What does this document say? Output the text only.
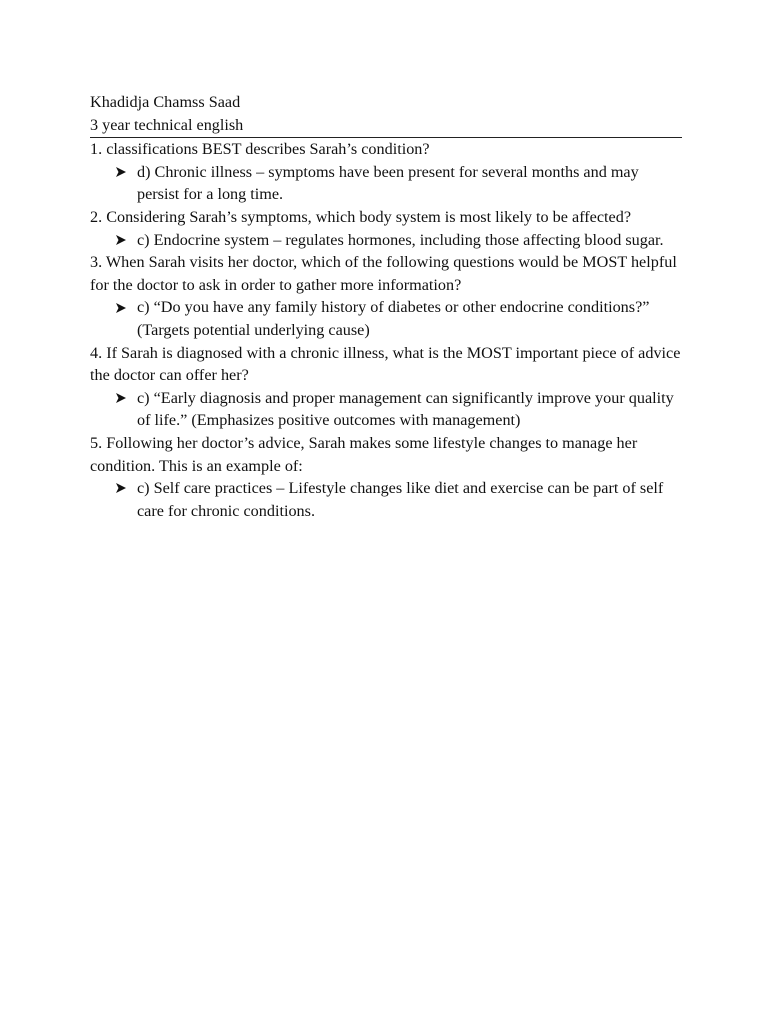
Khadidja Chamss Saad
3 year technical english
1. classifications BEST describes Sarah’s condition?
d) Chronic illness – symptoms have been present for several months and may persist for a long time.
2. Considering Sarah’s symptoms, which body system is most likely to be affected?
c) Endocrine system – regulates hormones, including those affecting blood sugar.
3. When Sarah visits her doctor, which of the following questions would be MOST helpful for the doctor to ask in order to gather more information?
c) “Do you have any family history of diabetes or other endocrine conditions?” (Targets potential underlying cause)
4. If Sarah is diagnosed with a chronic illness, what is the MOST important piece of advice the doctor can offer her?
c) “Early diagnosis and proper management can significantly improve your quality of life.” (Emphasizes positive outcomes with management)
5. Following her doctor’s advice, Sarah makes some lifestyle changes to manage her condition. This is an example of:
c) Self care practices – Lifestyle changes like diet and exercise can be part of self care for chronic conditions.
